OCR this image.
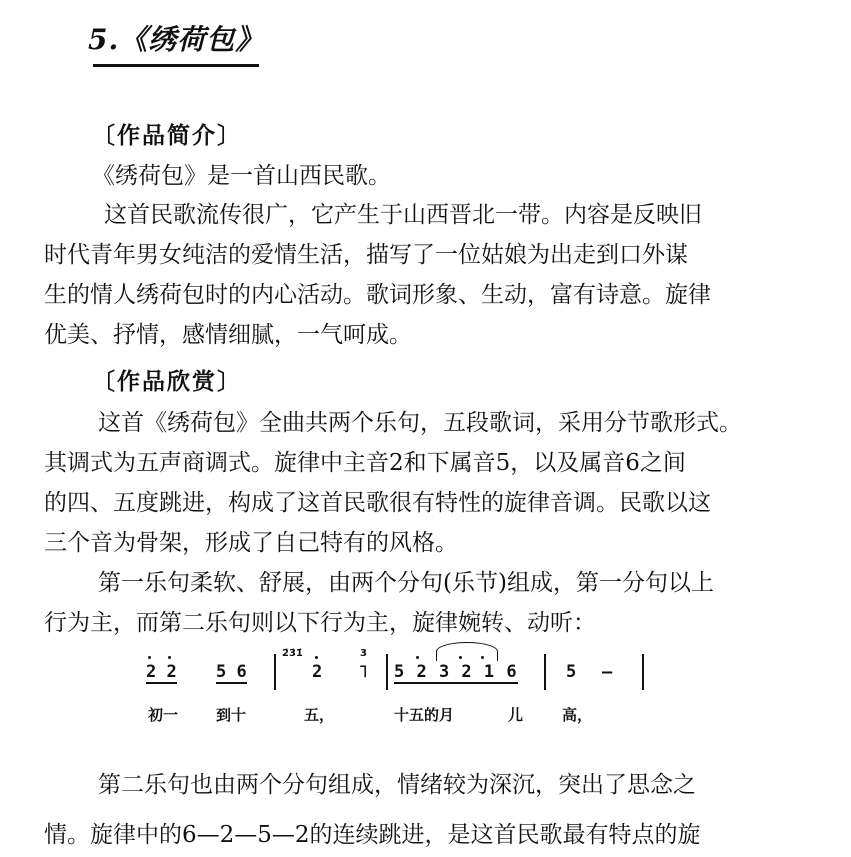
5.《绣荷包》
〔作品简介〕
《绣荷包》是一首山西民歌。
这首民歌流传很广，它产生于山西晋北一带。内容是反映旧
时代青年男女纯洁的爱情生活，描写了一位姑娘为出走到口外谋
生的情人绣荷包时的内心活动。歌词形象、生动，富有诗意。旋律
优美、抒情，感情细腻，一气呵成。
〔作品欣赏〕
这首《绣荷包》全曲共两个乐句，五段歌词，采用分节歌形式。
其调式为五声商调式。旋律中主音2和下属音5，以及属音6之间
的四、五度跳进，构成了这首民歌很有特性的旋律音调。民歌以这
三个音为骨架，形成了自己特有的风格。
第一乐句柔软、舒展，由两个分句(乐节)组成，第一分句以上
行为主，而第二乐句则以下行为主，旋律婉转、动听：
2 2 5 6
2̇3̇1̇
2
3
˥ 5 2 3 2 1 6	5 —
初一	到十	五，	十五的月	儿	高，
第二乐句也由两个分句组成，情绪较为深沉，突出了思念之
情。旋律中的6—2—5—2的连续跳进，是这首民歌最有特点的旋
